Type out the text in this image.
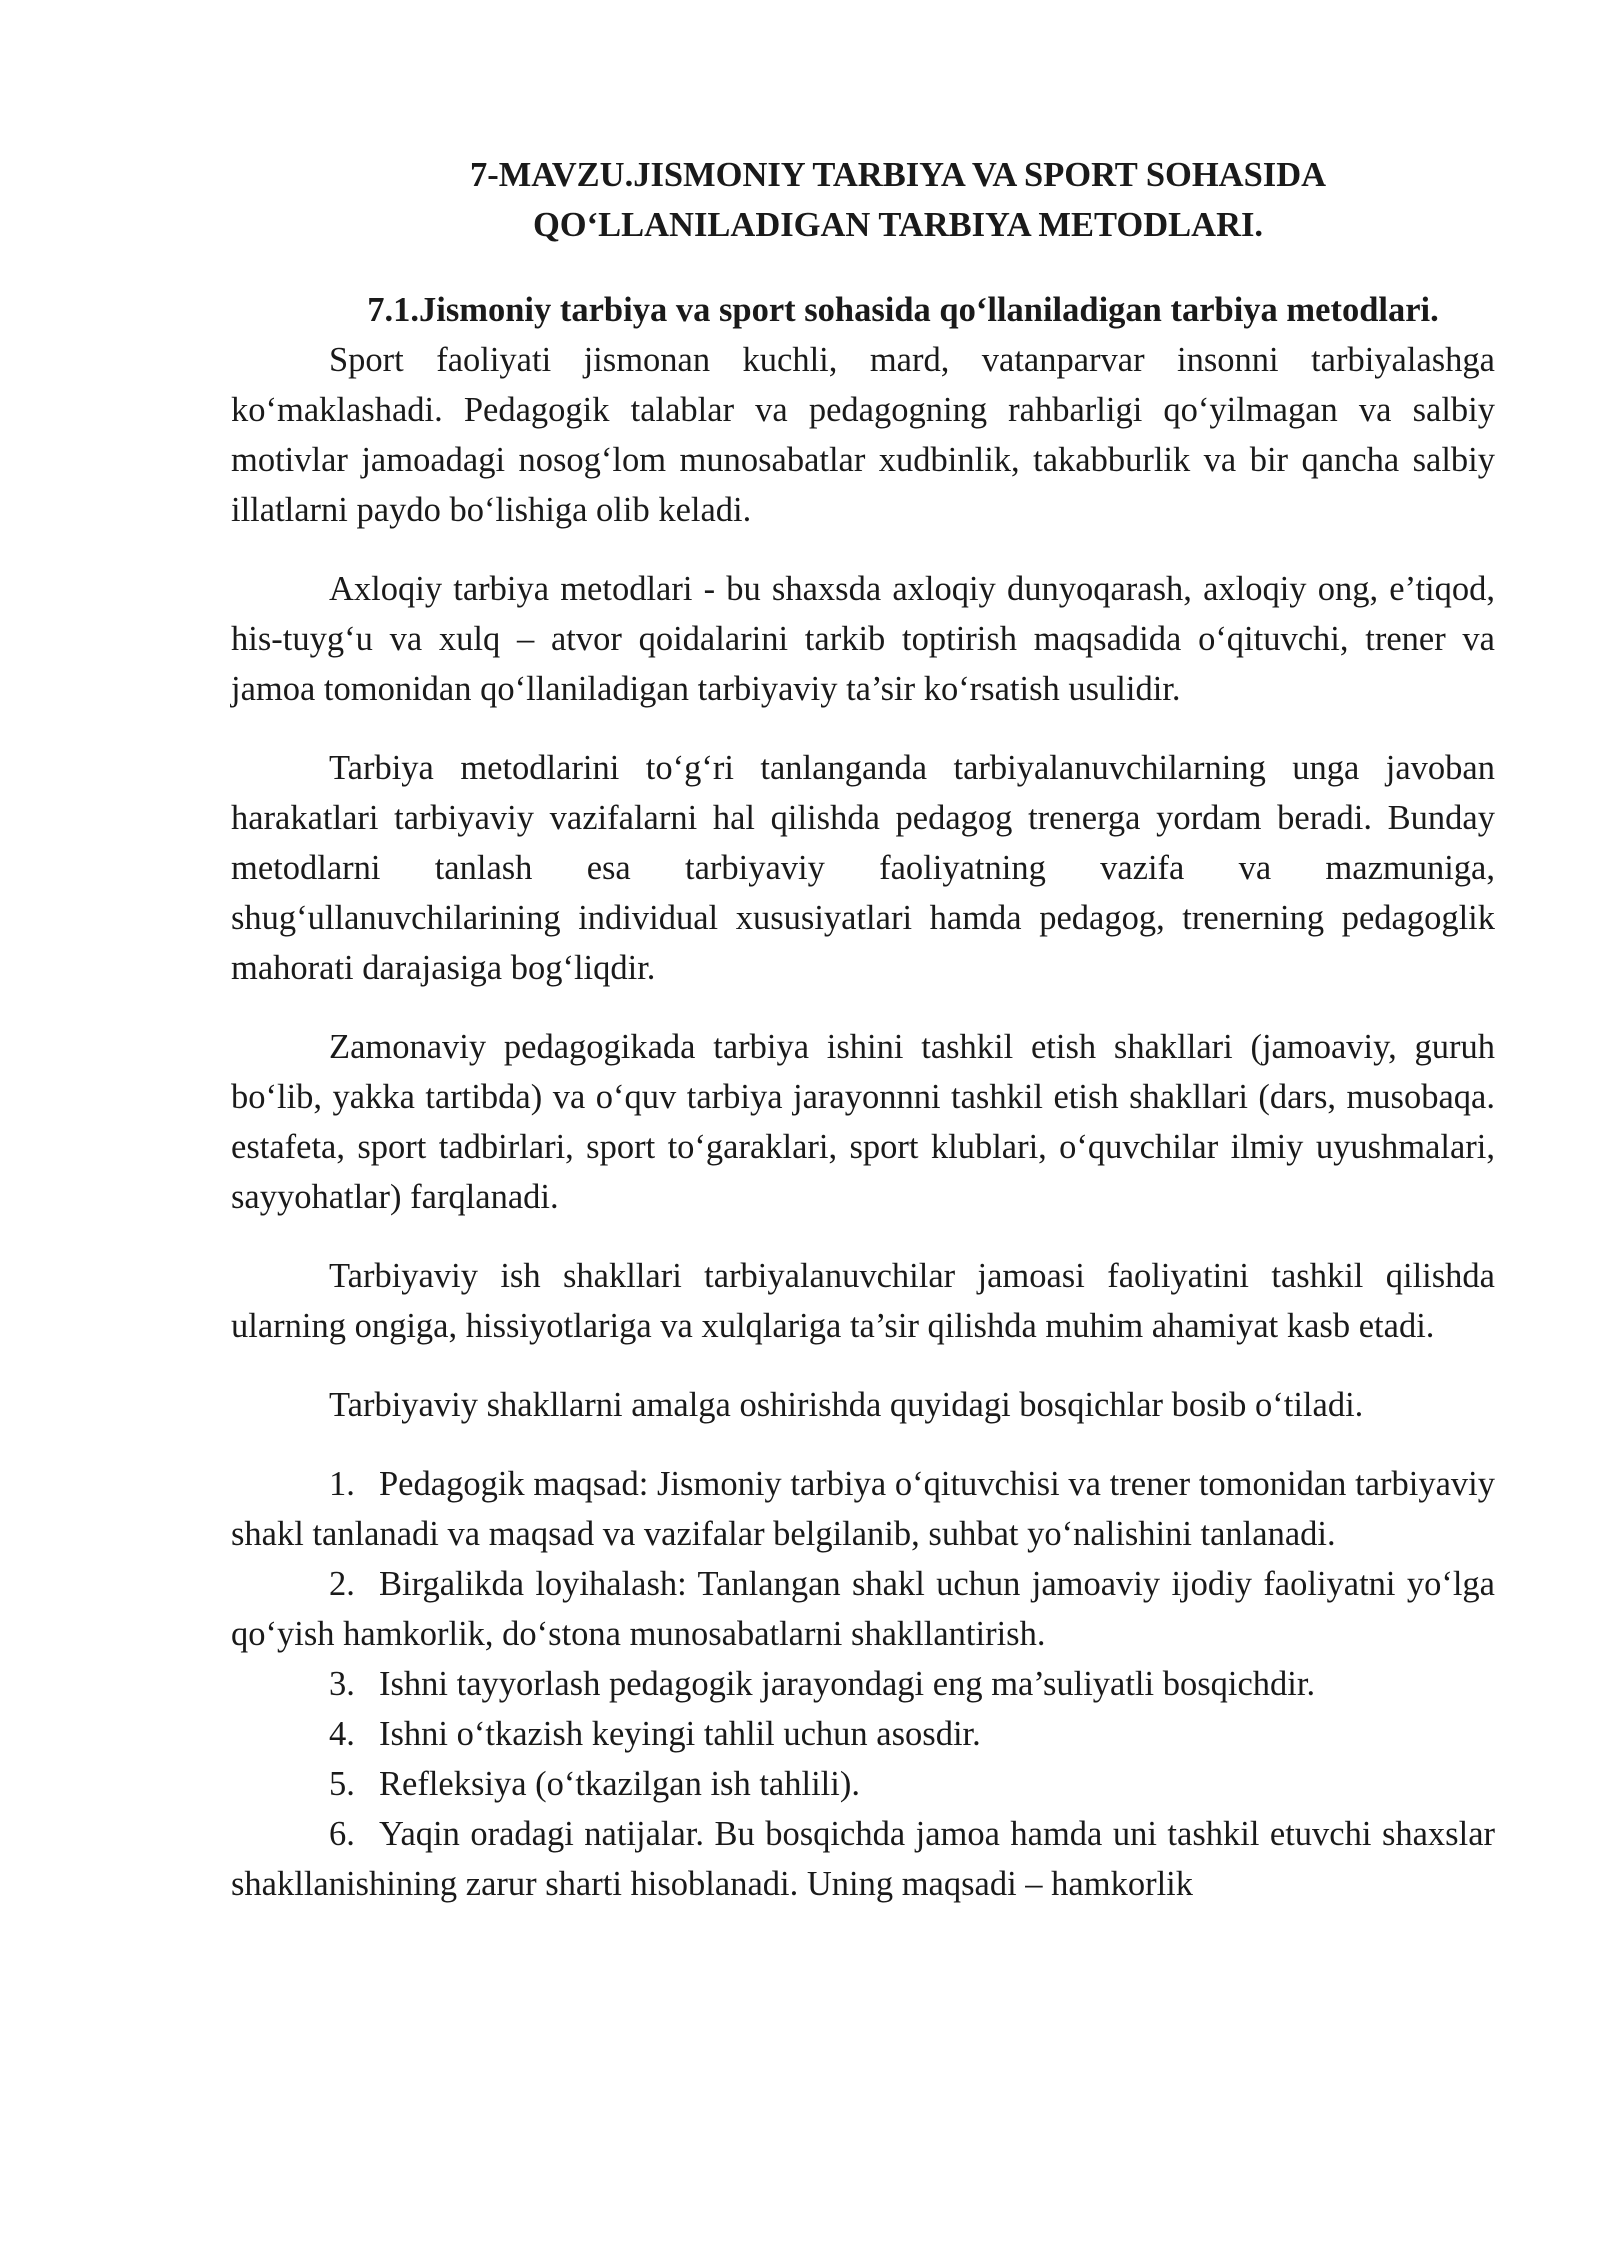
7-MAVZU.JISMONIY TARBIYA VA SPORT SOHASIDA QO‘LLANILADIGAN TARBIYA METODLARI.
7.1.Jismoniy tarbiya va sport sohasida qo‘llaniladigan tarbiya metodlari.

Sport faoliyati jismonan kuchli, mard, vatanparvar insonni tarbiyalashga ko‘maklashadi. Pedagogik talablar va pedagogning rahbarligi qo‘yilmagan va salbiy motivlar jamoadagi nosog‘lom munosabatlar xudbinlik, takabburlik va bir qancha salbiy illatlarni paydo bo‘lishiga olib keladi.

Axloqiy tarbiya metodlari - bu shaxsda axloqiy dunyoqarash, axloqiy ong, e’tiqod, his-tuyg‘u va xulq – atvor qoidalarini tarkib toptirish maqsadida o‘qituvchi, trener va jamoa tomonidan qo‘llaniladigan tarbiyaviy ta’sir ko‘rsatish usulidir.

Tarbiya metodlarini to‘g‘ri tanlanganda tarbiyalanuvchilarning unga javoban harakatlari tarbiyaviy vazifalarni hal qilishda pedagog trenerga yordam beradi. Bunday metodlarni tanlash esa tarbiyaviy faoliyatning vazifa va mazmuniga, shug‘ullanuvchilarining individual xususiyatlari hamda pedagog, trenerning pedagoglik mahorati darajasiga bog‘liqdir.

Zamonaviy pedagogikada tarbiya ishini tashkil etish shakllari (jamoaviy, guruh bo‘lib, yakka tartibda) va o‘quv tarbiya jarayonnni tashkil etish shakllari (dars, musobaqa. estafeta, sport tadbirlari, sport to‘garaklari, sport klublari, o‘quvchilar ilmiy uyushmalari, sayyohatlar) farqlanadi.

Tarbiyaviy ish shakllari tarbiyalanuvchilar jamoasi faoliyatini tashkil qilishda ularning ongiga, hissiyotlariga va xulqlariga ta’sir qilishda muhim ahamiyat kasb etadi.

Tarbiyaviy shakllarni amalga oshirishda quyidagi bosqichlar bosib o‘tiladi.

1. Pedagogik maqsad: Jismoniy tarbiya o‘qituvchisi va trener tomonidan tarbiyaviy shakl tanlanadi va maqsad va vazifalar belgilanib, suhbat yo‘nalishini tanlanadi.

2. Birgalikda loyihalash: Tanlangan shakl uchun jamoaviy ijodiy faoliyatni yo‘lga qo‘yish hamkorlik, do‘stona munosabatlarni shakllantirish.

3. Ishni tayyorlash pedagogik jarayondagi eng ma’suliyatli bosqichdir.

4. Ishni o‘tkazish keyingi tahlil uchun asosdir.

5. Refleksiya (o‘tkazilgan ish tahlili).

6. Yaqin oradagi natijalar. Bu bosqichda jamoa hamda uni tashkil etuvchi shaxslar shakllanishining zarur sharti hisoblanadi. Uning maqsadi – hamkorlik
